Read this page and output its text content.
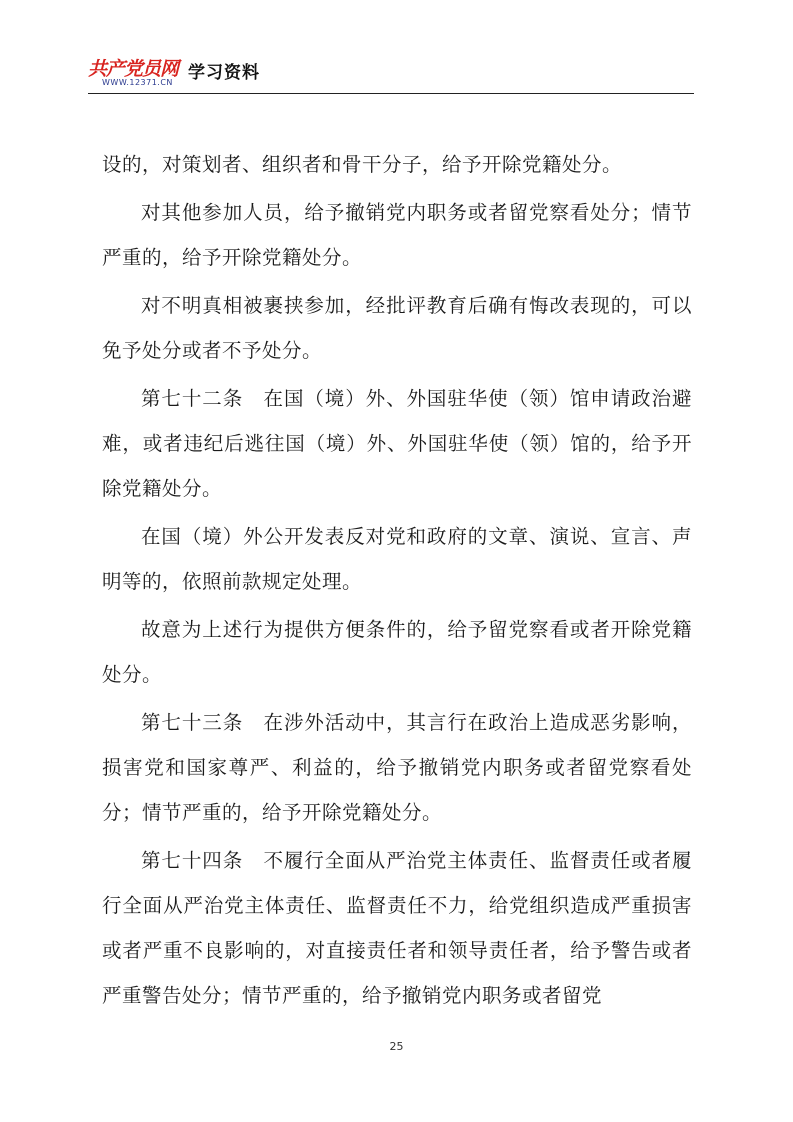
共产党员网
WWW.12371.CN 学习资料

设的，对策划者、组织者和骨干分子，给予开除党籍处分。

对其他参加人员，给予撤销党内职务或者留党察看处分；情节严重的，给予开除党籍处分。

对不明真相被裹挟参加，经批评教育后确有悔改表现的，可以免予处分或者不予处分。

第七十二条　在国（境）外、外国驻华使（领）馆申请政治避难，或者违纪后逃往国（境）外、外国驻华使（领）馆的，给予开除党籍处分。

在国（境）外公开发表反对党和政府的文章、演说、宣言、声明等的，依照前款规定处理。

故意为上述行为提供方便条件的，给予留党察看或者开除党籍处分。

第七十三条　在涉外活动中，其言行在政治上造成恶劣影响，损害党和国家尊严、利益的，给予撤销党内职务或者留党察看处分；情节严重的，给予开除党籍处分。

第七十四条　不履行全面从严治党主体责任、监督责任或者履行全面从严治党主体责任、监督责任不力，给党组织造成严重损害或者严重不良影响的，对直接责任者和领导责任者，给予警告或者严重警告处分；情节严重的，给予撤销党内职务或者留党

25
